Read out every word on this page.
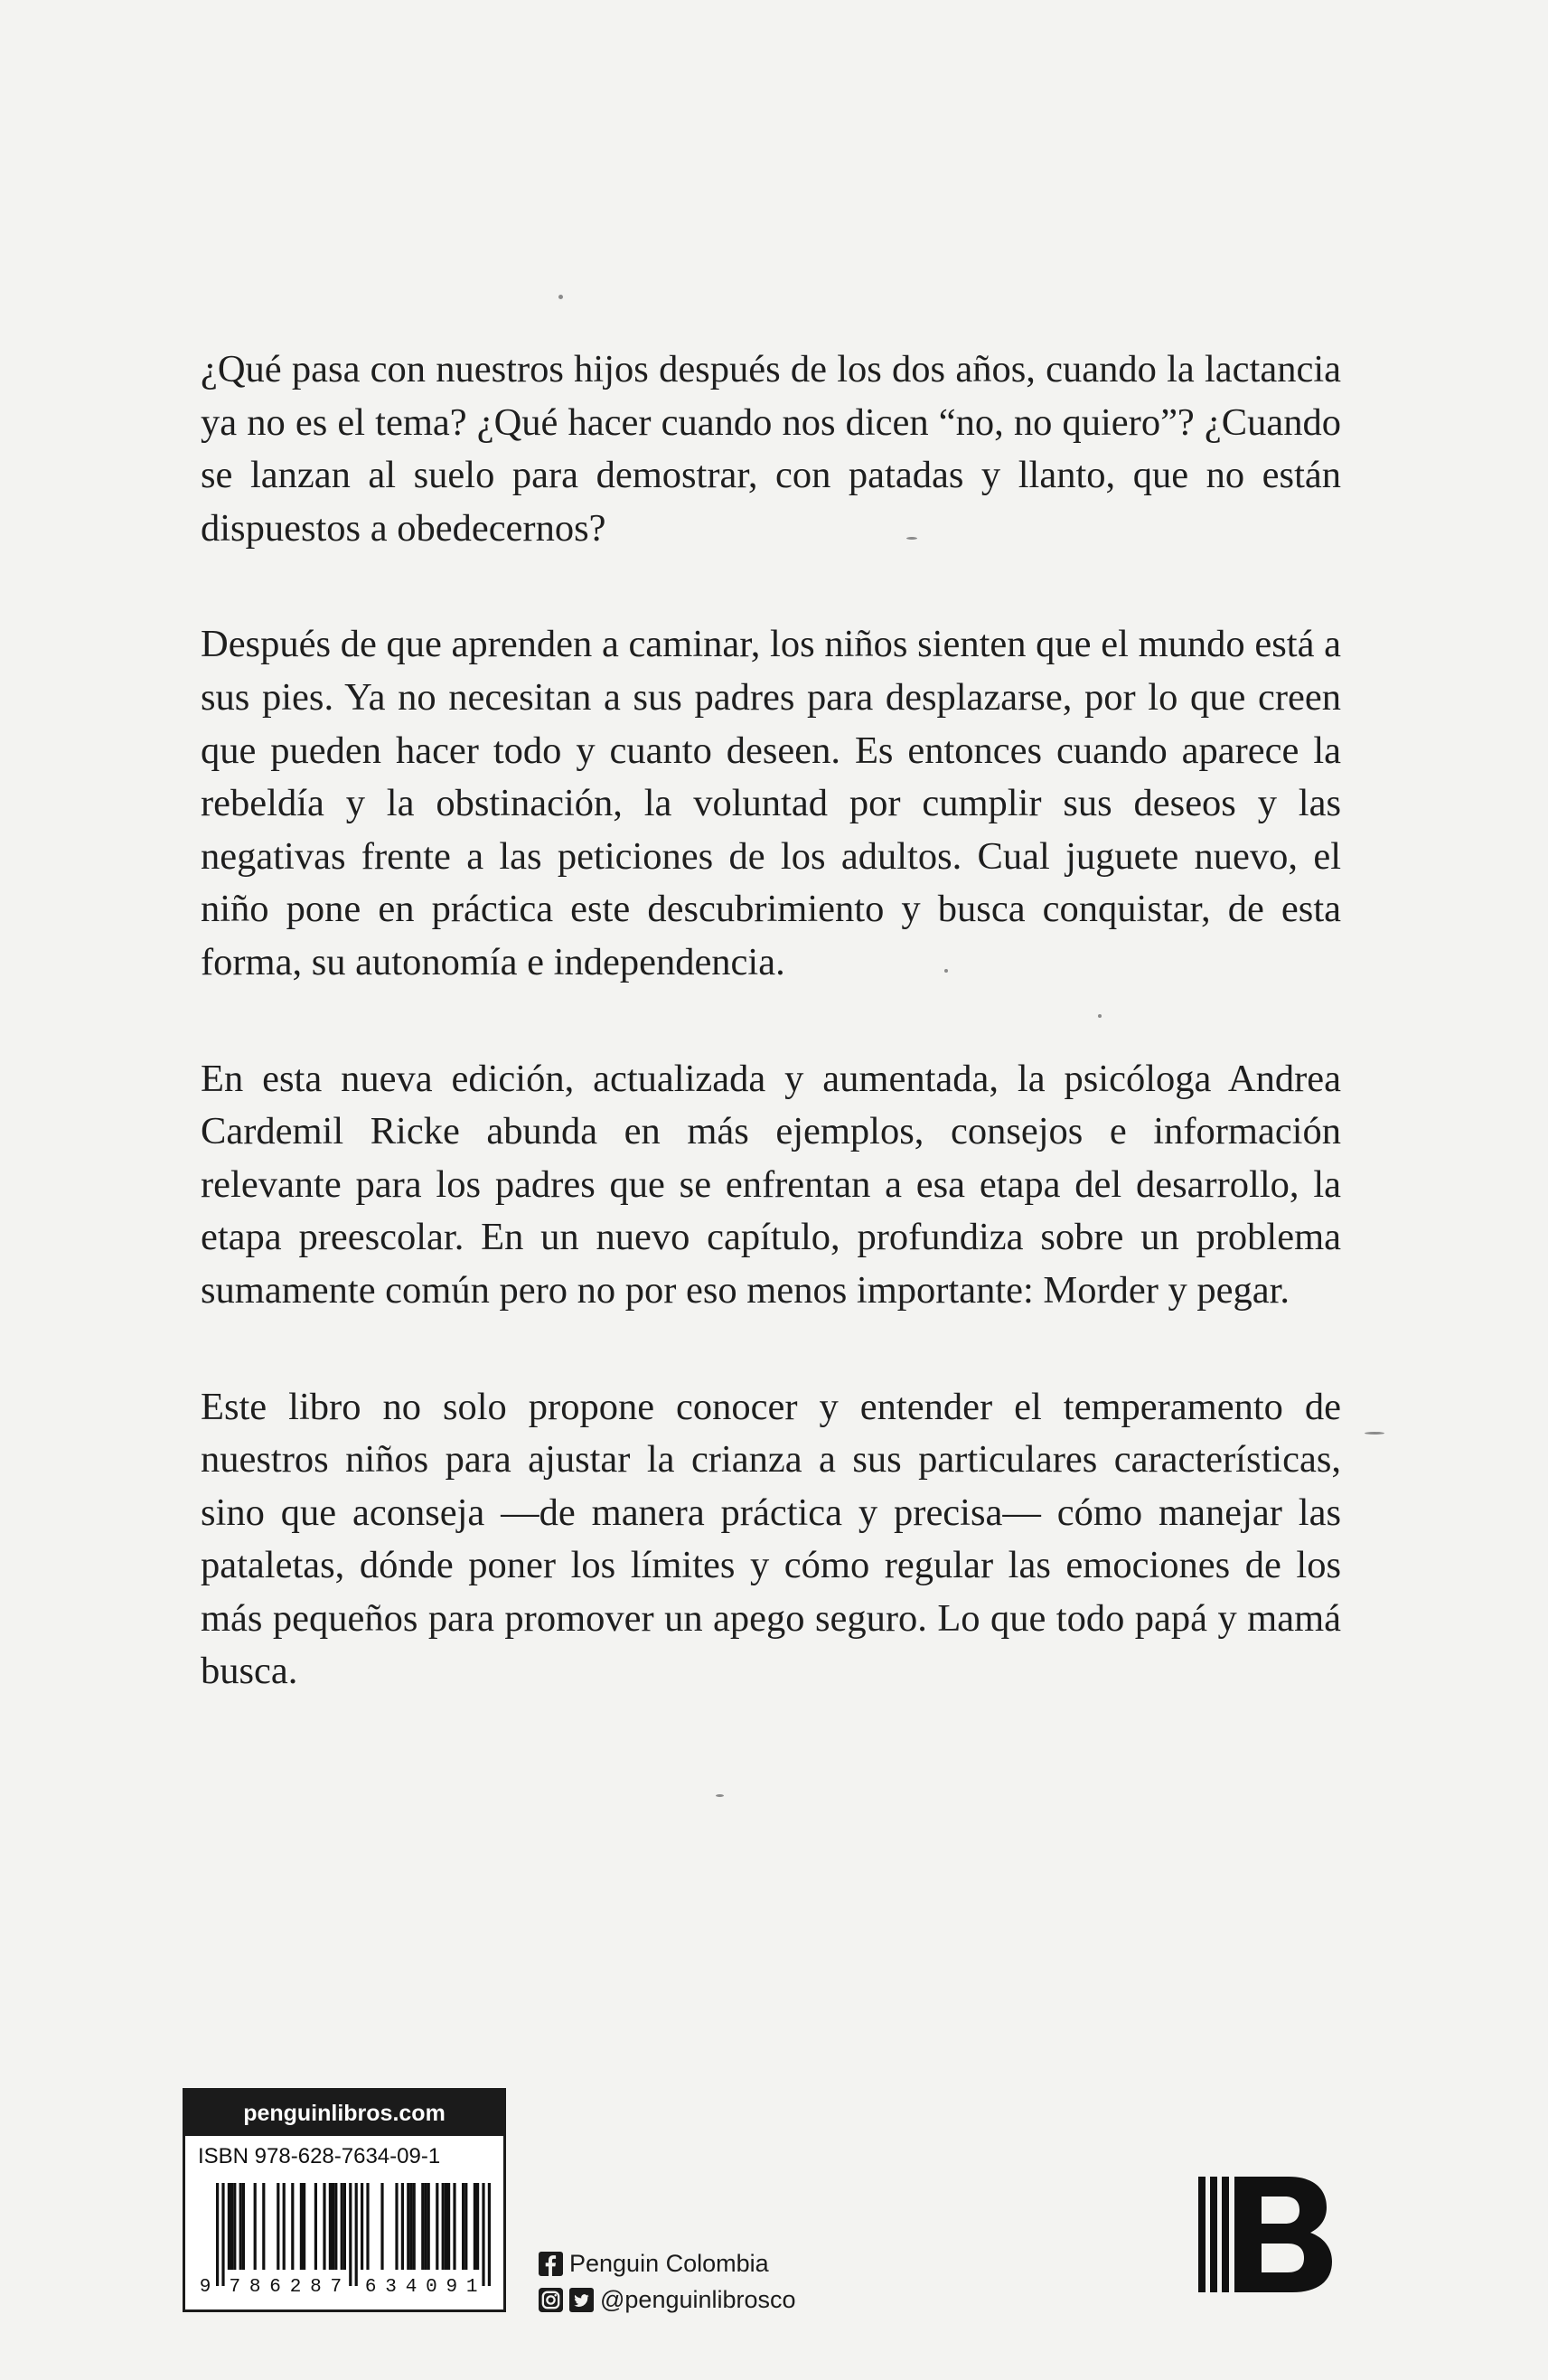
¿Qué pasa con nuestros hijos después de los dos años, cuando la lactancia ya no es el tema? ¿Qué hacer cuando nos dicen “no, no quiero”? ¿Cuando se lanzan al suelo para demostrar, con patadas y llanto, que no están dispuestos a obedecernos?

Después de que aprenden a caminar, los niños sienten que el mundo está a sus pies. Ya no necesitan a sus padres para desplazarse, por lo que creen que pueden hacer todo y cuanto deseen. Es entonces cuando aparece la rebeldía y la obstinación, la voluntad por cumplir sus deseos y las negativas frente a las peticiones de los adultos. Cual juguete nuevo, el niño pone en práctica este descubrimiento y busca conquistar, de esta forma, su autonomía e independencia.

En esta nueva edición, actualizada y aumentada, la psicóloga Andrea Cardemil Ricke abunda en más ejemplos, consejos e información relevante para los padres que se enfrentan a esa etapa del desarrollo, la etapa preescolar. En un nuevo capítulo, profundiza sobre un problema sumamente común pero no por eso menos importante: Morder y pegar.

Este libro no solo propone conocer y entender el temperamento de nuestros niños para ajustar la crianza a sus particulares características, sino que aconseja —de manera práctica y precisa— cómo manejar las pataletas, dónde poner los límites y cómo regular las emociones de los más pequeños para promover un apego seguro. Lo que todo papá y mamá busca.

penguinlibros.com
ISBN 978-628-7634-09-1
9 7 8 6 2 8 7 6 3 4 0 9 1
Penguin Colombia
@penguinlibrosco
